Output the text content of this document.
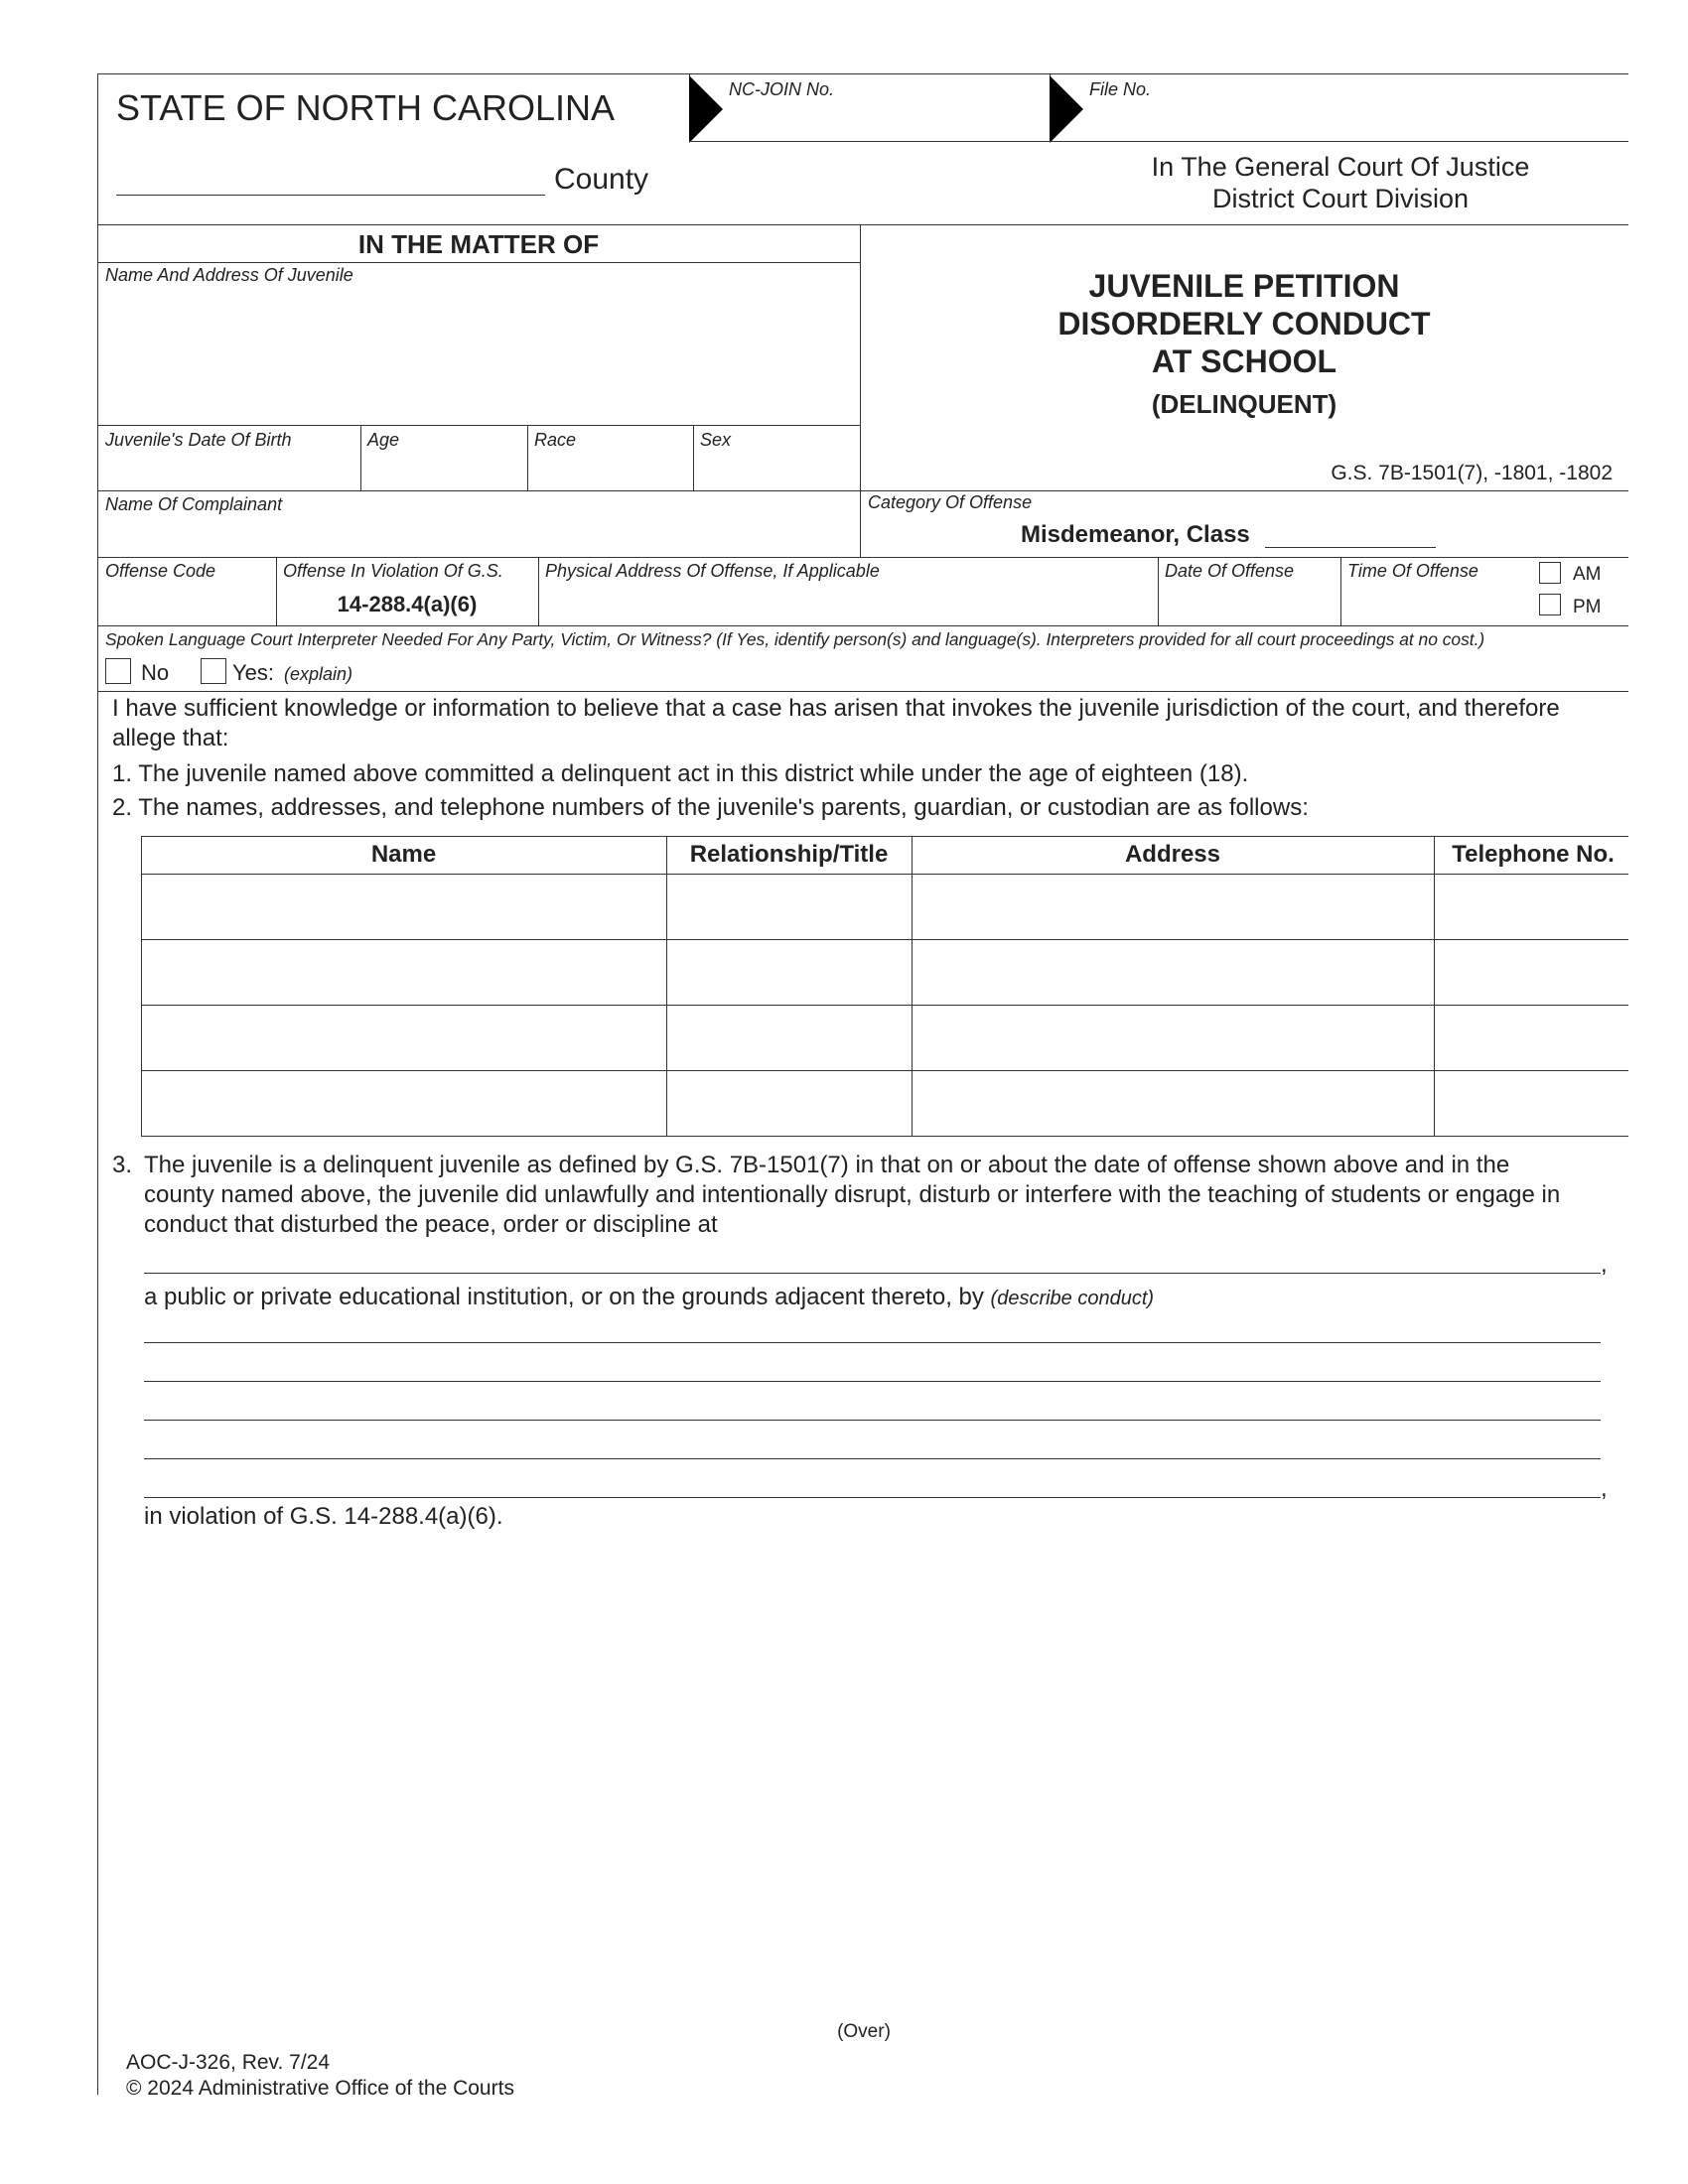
STATE OF NORTH CAROLINA	NC-JOIN No.	File No.
County	In The General Court Of Justice
District Court Division
IN THE MATTER OF
Name And Address Of Juvenile
Juvenile's Date Of Birth	Age	Race	Sex
Name Of Complainant
JUVENILE PETITION
DISORDERLY CONDUCT
AT SCHOOL
(DELINQUENT)
G.S. 7B-1501(7), -1801, -1802
Category Of Offense
Misdemeanor, Class
Offense Code	Offense In Violation Of G.S.
14-288.4(a)(6)
Physical Address Of Offense, If Applicable	Date Of Offense	Time Of Offense	AM
PM
Spoken Language Court Interpreter Needed For Any Party, Victim, Or Witness? (If Yes, identify person(s) and language(s). Interpreters provided for all court proceedings at no cost.)
No	Yes: (explain)
I have sufficient knowledge or information to believe that a case has arisen that invokes the juvenile jurisdiction of the court, and therefore
allege that:
1. The juvenile named above committed a delinquent act in this district while under the age of eighteen (18).
2. The names, addresses, and telephone numbers of the juvenile's parents, guardian, or custodian are as follows:
Name	Relationship/Title	Address	Telephone No.
3. The juvenile is a delinquent juvenile as defined by G.S. 7B-1501(7) in that on or about the date of offense shown above and in the
county named above, the juvenile did unlawfully and intentionally disrupt, disturb or interfere with the teaching of students or engage in
conduct that disturbed the peace, order or discipline at
,
a public or private educational institution, or on the grounds adjacent thereto, by (describe conduct)
,
in violation of G.S. 14-288.4(a)(6).
(Over)
AOC-J-326, Rev. 7/24
© 2024 Administrative Office of the Courts
